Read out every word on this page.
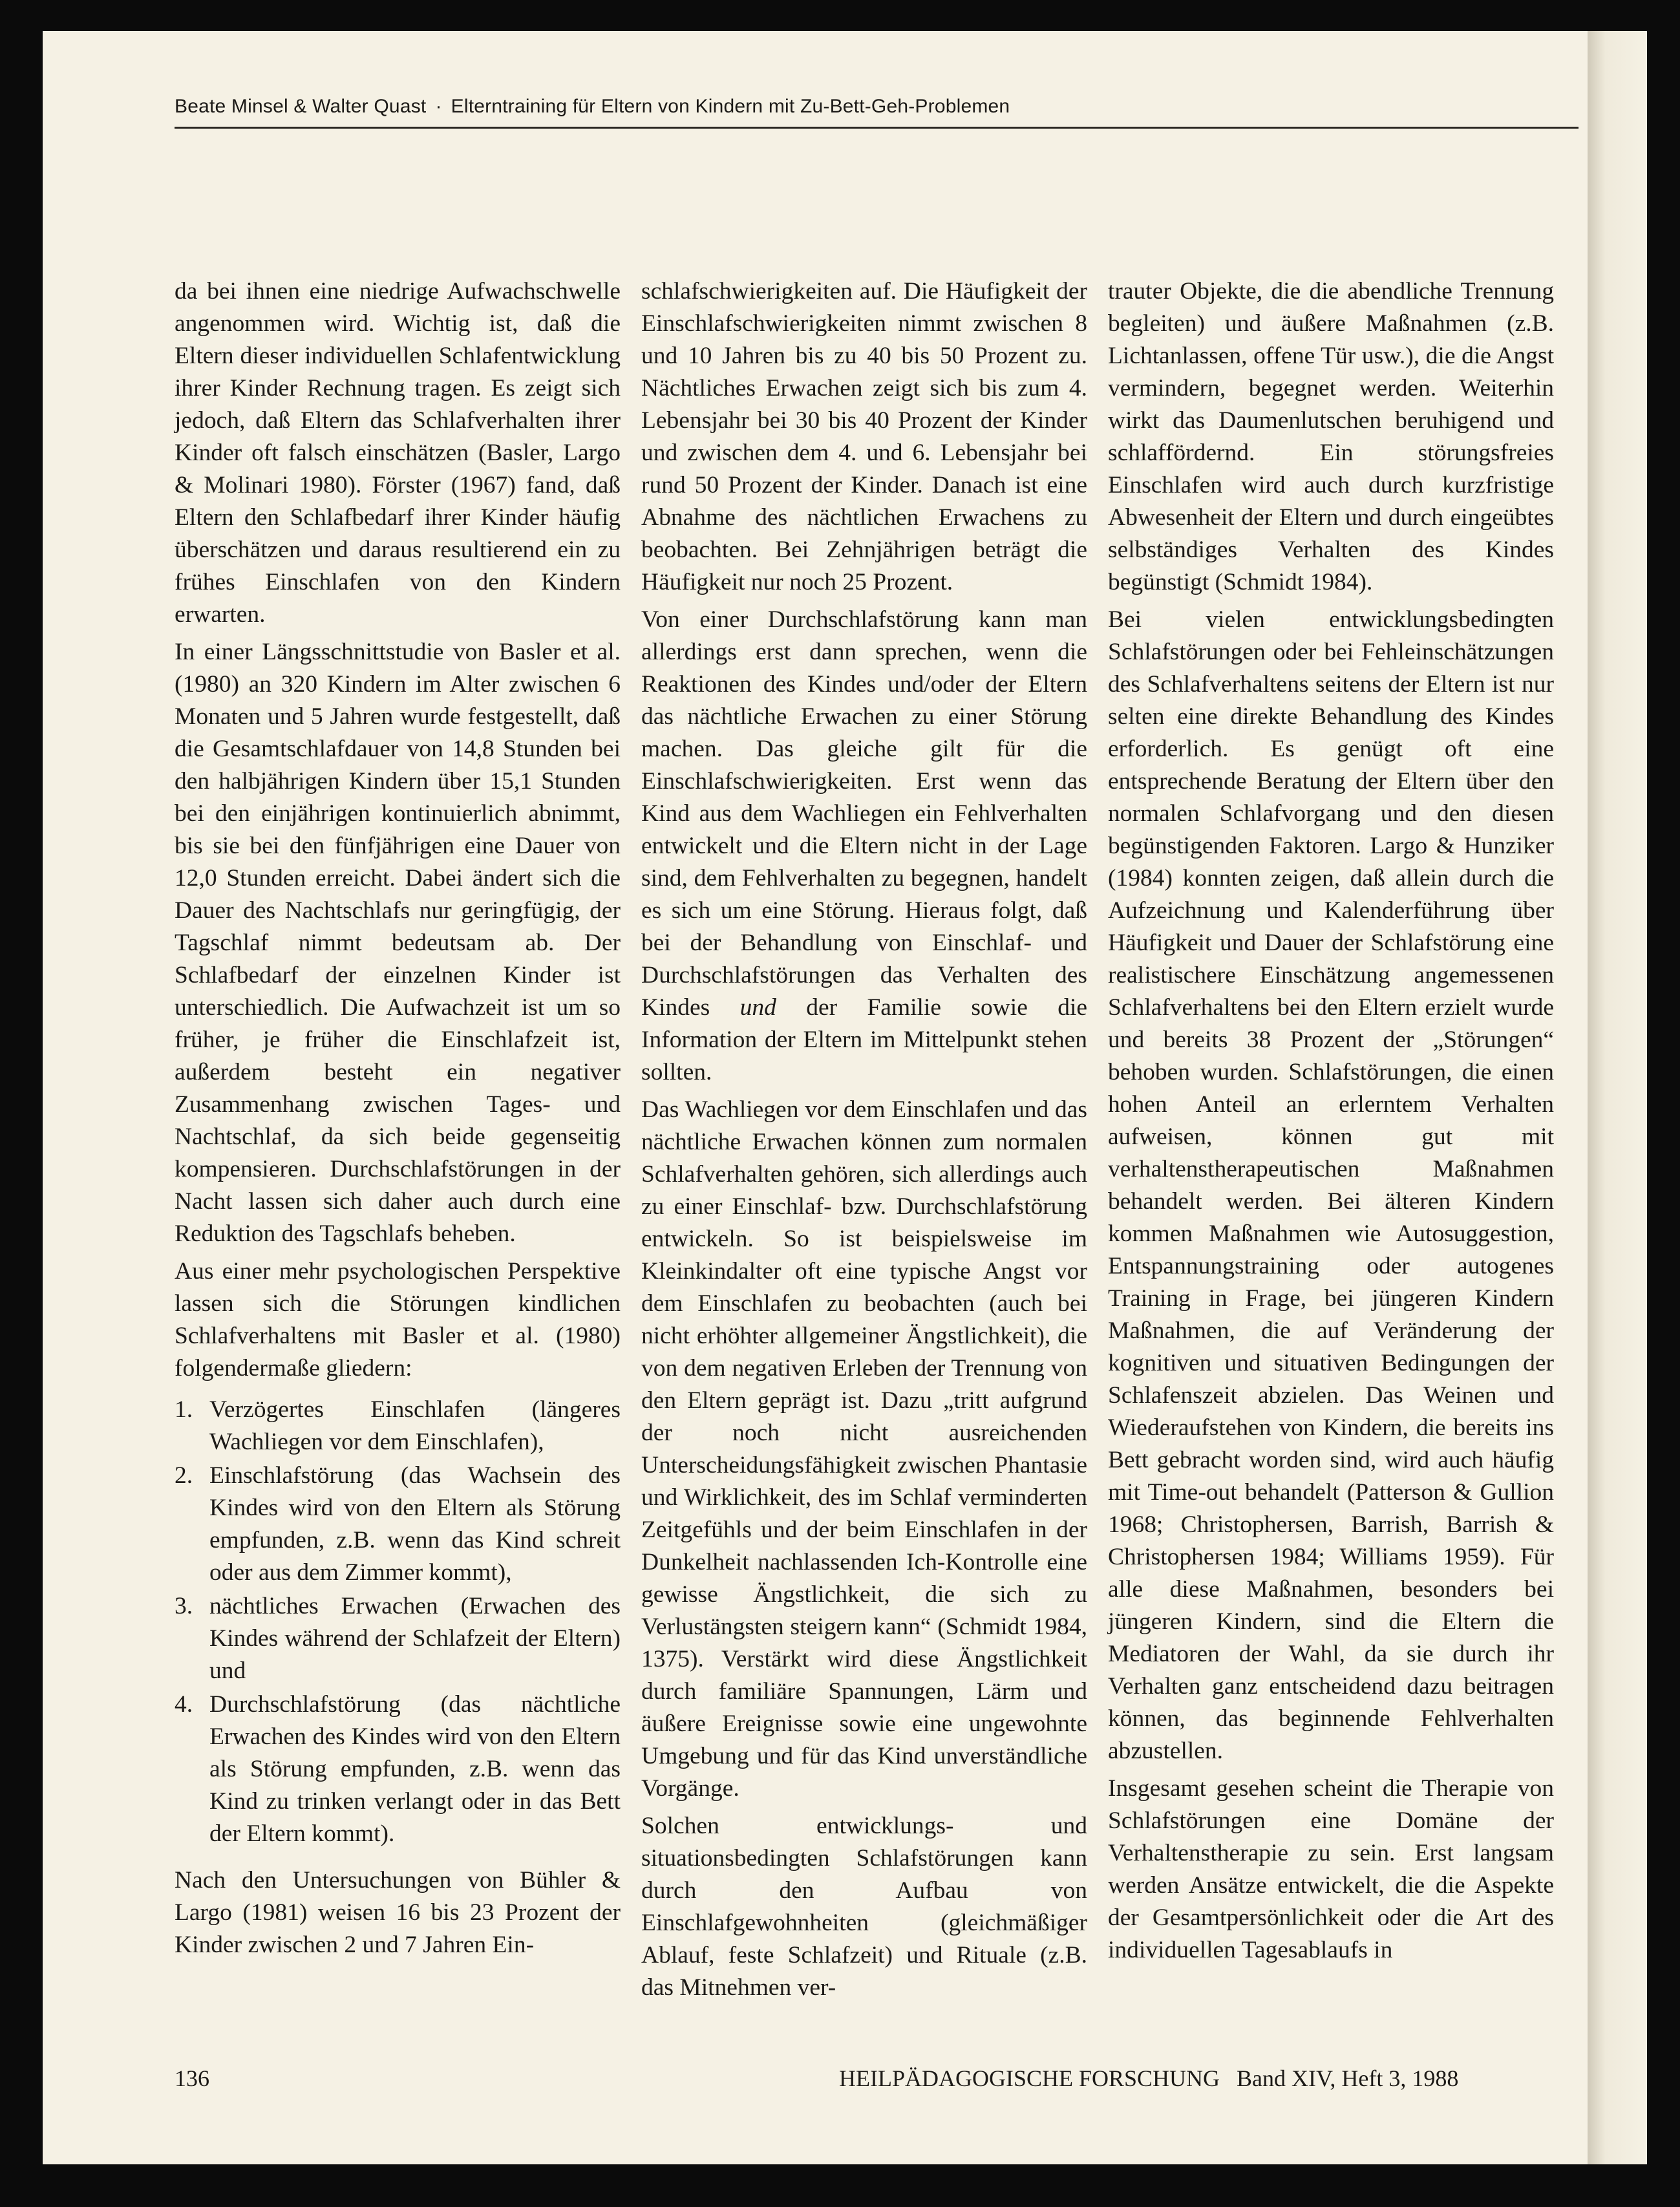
Beate Minsel & Walter Quast · Elterntraining für Eltern von Kindern mit Zu-Bett-Geh-Problemen

da bei ihnen eine niedrige Aufwachschwelle angenommen wird. Wichtig ist, daß die Eltern dieser individuellen Schlafentwicklung ihrer Kinder Rechnung tragen. Es zeigt sich jedoch, daß Eltern das Schlafverhalten ihrer Kinder oft falsch einschätzen (Basler, Largo & Molinari 1980). Förster (1967) fand, daß Eltern den Schlafbedarf ihrer Kinder häufig überschätzen und daraus resultierend ein zu frühes Einschlafen von den Kindern erwarten.

In einer Längsschnittstudie von Basler et al. (1980) an 320 Kindern im Alter zwischen 6 Monaten und 5 Jahren wurde festgestellt, daß die Gesamtschlafdauer von 14,8 Stunden bei den halbjährigen Kindern über 15,1 Stunden bei den einjährigen kontinuierlich abnimmt, bis sie bei den fünfjährigen eine Dauer von 12,0 Stunden erreicht. Dabei ändert sich die Dauer des Nachtschlafs nur geringfügig, der Tagschlaf nimmt bedeutsam ab. Der Schlafbedarf der einzelnen Kinder ist unterschiedlich. Die Aufwachzeit ist um so früher, je früher die Einschlafzeit ist, außerdem besteht ein negativer Zusammenhang zwischen Tages- und Nachtschlaf, da sich beide gegenseitig kompensieren. Durchschlafstörungen in der Nacht lassen sich daher auch durch eine Reduktion des Tagschlafs beheben.

Aus einer mehr psychologischen Perspektive lassen sich die Störungen kindlichen Schlafverhaltens mit Basler et al. (1980) folgendermaße gliedern:

1. Verzögertes Einschlafen (längeres Wachliegen vor dem Einschlafen),
2. Einschlafstörung (das Wachsein des Kindes wird von den Eltern als Störung empfunden, z.B. wenn das Kind schreit oder aus dem Zimmer kommt),
3. nächtliches Erwachen (Erwachen des Kindes während der Schlafzeit der Eltern) und
4. Durchschlafstörung (das nächtliche Erwachen des Kindes wird von den Eltern als Störung empfunden, z.B. wenn das Kind zu trinken verlangt oder in das Bett der Eltern kommt).

Nach den Untersuchungen von Bühler & Largo (1981) weisen 16 bis 23 Prozent der Kinder zwischen 2 und 7 Jahren Ein-

schlafschwierigkeiten auf. Die Häufigkeit der Einschlafschwierigkeiten nimmt zwischen 8 und 10 Jahren bis zu 40 bis 50 Prozent zu. Nächtliches Erwachen zeigt sich bis zum 4. Lebensjahr bei 30 bis 40 Prozent der Kinder und zwischen dem 4. und 6. Lebensjahr bei rund 50 Prozent der Kinder. Danach ist eine Abnahme des nächtlichen Erwachens zu beobachten. Bei Zehnjährigen beträgt die Häufigkeit nur noch 25 Prozent.

Von einer Durchschlafstörung kann man allerdings erst dann sprechen, wenn die Reaktionen des Kindes und/oder der Eltern das nächtliche Erwachen zu einer Störung machen. Das gleiche gilt für die Einschlafschwierigkeiten. Erst wenn das Kind aus dem Wachliegen ein Fehlverhalten entwickelt und die Eltern nicht in der Lage sind, dem Fehlverhalten zu begegnen, handelt es sich um eine Störung. Hieraus folgt, daß bei der Behandlung von Einschlaf- und Durchschlafstörungen das Verhalten des Kindes und der Familie sowie die Information der Eltern im Mittelpunkt stehen sollten.

Das Wachliegen vor dem Einschlafen und das nächtliche Erwachen können zum normalen Schlafverhalten gehören, sich allerdings auch zu einer Einschlaf- bzw. Durchschlafstörung entwickeln. So ist beispielsweise im Kleinkindalter oft eine typische Angst vor dem Einschlafen zu beobachten (auch bei nicht erhöhter allgemeiner Ängstlichkeit), die von dem negativen Erleben der Trennung von den Eltern geprägt ist. Dazu „tritt aufgrund der noch nicht ausreichenden Unterscheidungsfähigkeit zwischen Phantasie und Wirklichkeit, des im Schlaf verminderten Zeitgefühls und der beim Einschlafen in der Dunkelheit nachlassenden Ich-Kontrolle eine gewisse Ängstlichkeit, die sich zu Verlustängsten steigern kann“ (Schmidt 1984, 1375). Verstärkt wird diese Ängstlichkeit durch familiäre Spannungen, Lärm und äußere Ereignisse sowie eine ungewohnte Umgebung und für das Kind unverständliche Vorgänge.

Solchen entwicklungs- und situationsbedingten Schlafstörungen kann durch den Aufbau von Einschlafgewohnheiten (gleichmäßiger Ablauf, feste Schlafzeit) und Rituale (z.B. das Mitnehmen ver-

trauter Objekte, die die abendliche Trennung begleiten) und äußere Maßnahmen (z.B. Lichtanlassen, offene Tür usw.), die die Angst vermindern, begegnet werden. Weiterhin wirkt das Daumenlutschen beruhigend und schlaffördernd. Ein störungsfreies Einschlafen wird auch durch kurzfristige Abwesenheit der Eltern und durch eingeübtes selbständiges Verhalten des Kindes begünstigt (Schmidt 1984).

Bei vielen entwicklungsbedingten Schlafstörungen oder bei Fehleinschätzungen des Schlafverhaltens seitens der Eltern ist nur selten eine direkte Behandlung des Kindes erforderlich. Es genügt oft eine entsprechende Beratung der Eltern über den normalen Schlafvorgang und den diesen begünstigenden Faktoren. Largo & Hunziker (1984) konnten zeigen, daß allein durch die Aufzeichnung und Kalenderführung über Häufigkeit und Dauer der Schlafstörung eine realistischere Einschätzung angemessenen Schlafverhaltens bei den Eltern erzielt wurde und bereits 38 Prozent der „Störungen“ behoben wurden. Schlafstörungen, die einen hohen Anteil an erlerntem Verhalten aufweisen, können gut mit verhaltenstherapeutischen Maßnahmen behandelt werden. Bei älteren Kindern kommen Maßnahmen wie Autosuggestion, Entspannungstraining oder autogenes Training in Frage, bei jüngeren Kindern Maßnahmen, die auf Veränderung der kognitiven und situativen Bedingungen der Schlafenszeit abzielen. Das Weinen und Wiederaufstehen von Kindern, die bereits ins Bett gebracht worden sind, wird auch häufig mit Time-out behandelt (Patterson & Gullion 1968; Christophersen, Barrish, Barrish & Christophersen 1984; Williams 1959). Für alle diese Maßnahmen, besonders bei jüngeren Kindern, sind die Eltern die Mediatoren der Wahl, da sie durch ihr Verhalten ganz entscheidend dazu beitragen können, das beginnende Fehlverhalten abzustellen.

Insgesamt gesehen scheint die Therapie von Schlafstörungen eine Domäne der Verhaltenstherapie zu sein. Erst langsam werden Ansätze entwickelt, die die Aspekte der Gesamtpersönlichkeit oder die Art des individuellen Tagesablaufs in

136	HEILPÄDAGOGISCHE FORSCHUNG Band XIV, Heft 3, 1988
